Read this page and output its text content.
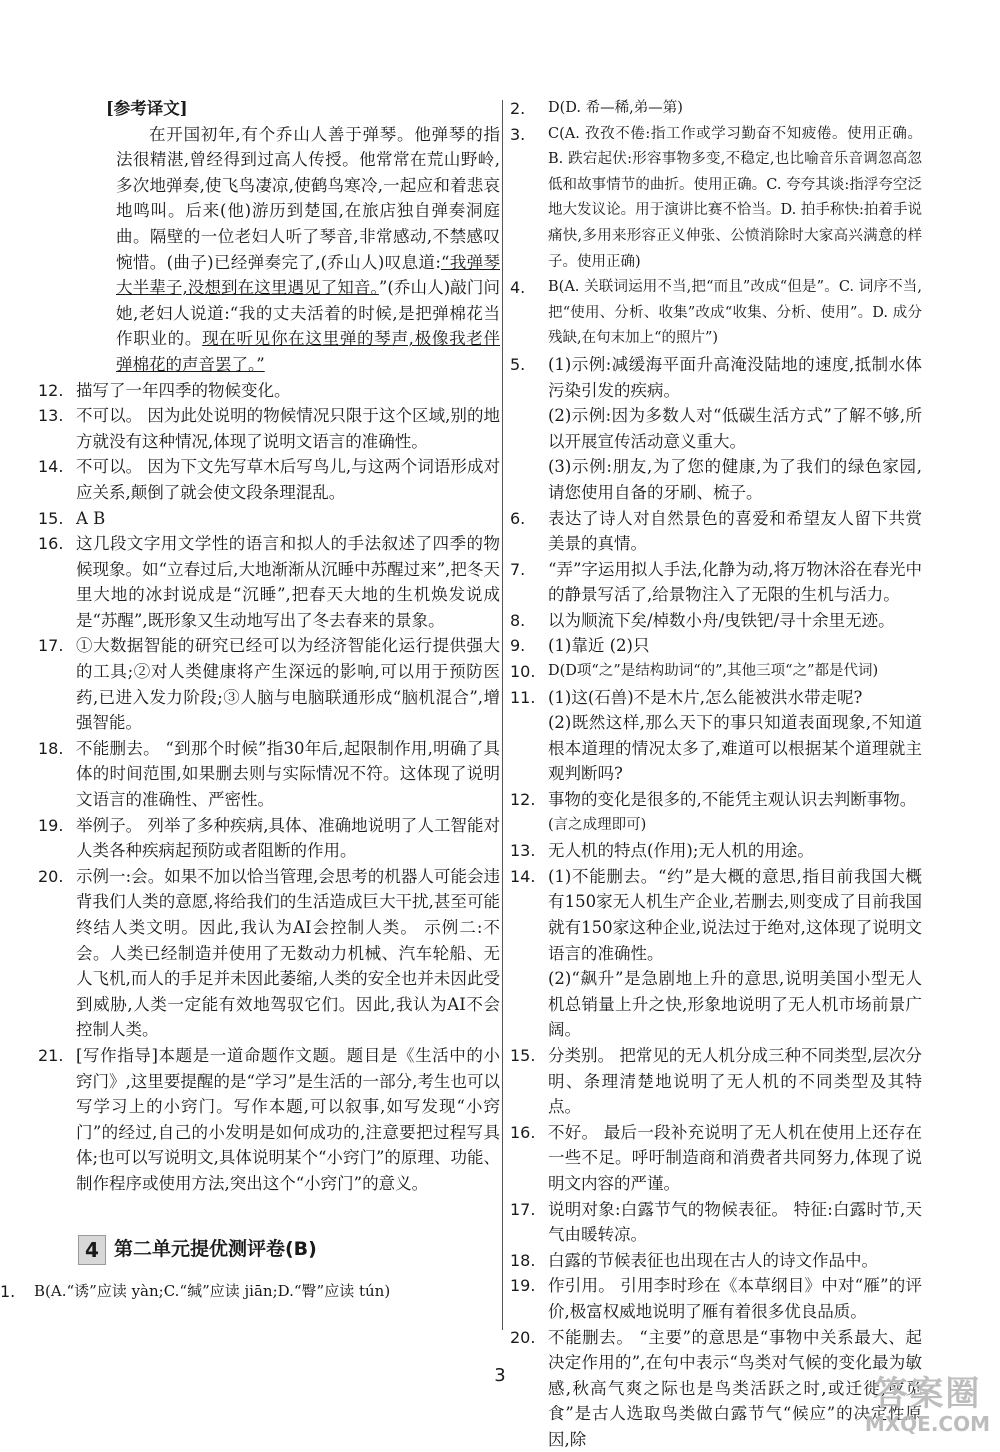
[参考译文]

在开国初年,有个乔山人善于弹琴。他弹琴的指法很精湛,曾经得到过高人传授。他常常在荒山野岭,多次地弹奏,使飞鸟凄凉,使鹤鸟寒冷,一起应和着悲哀地鸣叫。后来(他)游历到楚国,在旅店独自弹奏洞庭曲。隔壁的一位老妇人听了琴音,非常感动,不禁感叹惋惜。(曲子)已经弹奏完了,(乔山人)叹息道:“我弹琴大半辈子,没想到在这里遇见了知音。”(乔山人)敲门问她,老妇人说道:“我的丈夫活着的时候,是把弹棉花当作职业的。现在听见你在这里弹的琴声,极像我老伴弹棉花的声音罢了。”

12. 描写了一年四季的物候变化。
13. 不可以。 因为此处说明的物候情况只限于这个区域,别的地方就没有这种情况,体现了说明文语言的准确性。
14. 不可以。 因为下文先写草木后写鸟儿,与这两个词语形成对应关系,颠倒了就会使文段条理混乱。
15. A B
16. 这几段文字用文学性的语言和拟人的手法叙述了四季的物候现象。如“立春过后,大地渐渐从沉睡中苏醒过来”,把冬天里大地的冰封说成是“沉睡”,把春天大地的生机焕发说成是“苏醒”,既形象又生动地写出了冬去春来的景象。
17. ①大数据智能的研究已经可以为经济智能化运行提供强大的工具;②对人类健康将产生深远的影响,可以用于预防医药,已进入发力阶段;③人脑与电脑联通形成“脑机混合”,增强智能。
18. 不能删去。 “到那个时候”指30年后,起限制作用,明确了具体的时间范围,如果删去则与实际情况不符。这体现了说明文语言的准确性、严密性。
19. 举例子。 列举了多种疾病,具体、准确地说明了人工智能对人类各种疾病起预防或者阻断的作用。
20. 示例一:会。如果不加以恰当管理,会思考的机器人可能会违背我们人类的意愿,将给我们的生活造成巨大干扰,甚至可能终结人类文明。因此,我认为AI会控制人类。 示例二:不会。人类已经制造并使用了无数动力机械、汽车轮船、无人飞机,而人的手足并未因此萎缩,人类的安全也并未因此受到威胁,人类一定能有效地驾驭它们。因此,我认为AI不会控制人类。
21. [写作指导]本题是一道命题作文题。题目是《生活中的小窍门》,这里要提醒的是“学习”是生活的一部分,考生也可以写学习上的小窍门。写作本题,可以叙事,如写发现“小窍门”的经过,自己的小发明是如何成功的,注意要把过程写具体;也可以写说明文,具体说明某个“小窍门”的原理、功能、制作程序或使用方法,突出这个“小窍门”的意义。
4 第二单元提优测评卷(B)
1.	B(A.“诱”应读 yàn;C.“缄”应读 jiān;D.“臀”应读 tún)
2.	D(D. 希—稀,弟—第)
3.	C(A. 孜孜不倦:指工作或学习勤奋不知疲倦。使用正确。B. 跌宕起伏:形容事物多变,不稳定,也比喻音乐音调忽高忽低和故事情节的曲折。使用正确。C. 夸夸其谈:指浮夸空泛地大发议论。用于演讲比赛不恰当。D. 拍手称快:拍着手说痛快,多用来形容正义伸张、公愤消除时大家高兴满意的样子。使用正确)
4.	B(A. 关联词运用不当,把“而且”改成“但是”。C. 词序不当,把“使用、分析、收集”改成“收集、分析、使用”。D. 成分残缺,在句末加上“的照片”)
5.	(1)示例:减缓海平面升高淹没陆地的速度,抵制水体污染引发的疾病。
(2)示例:因为多数人对“低碳生活方式”了解不够,所以开展宣传活动意义重大。
(3)示例:朋友,为了您的健康,为了我们的绿色家园,请您使用自备的牙刷、梳子。
6.	表达了诗人对自然景色的喜爱和希望友人留下共赏美景的真情。
7.	“弄”字运用拟人手法,化静为动,将万物沐浴在春光中的静景写活了,给景物注入了无限的生机与活力。
8.	以为顺流下矣/棹数小舟/曳铁钯/寻十余里无迹。
9.	(1)靠近 (2)只
10. D(D项“之”是结构助词“的”,其他三项“之”都是代词)
11. (1)这(石兽)不是木片,怎么能被洪水带走呢?
(2)既然这样,那么天下的事只知道表面现象,不知道根本道理的情况太多了,难道可以根据某个道理就主观判断吗?
12. 事物的变化是很多的,不能凭主观认识去判断事物。
(言之成理即可)
13. 无人机的特点(作用);无人机的用途。
14. (1)不能删去。“约”是大概的意思,指目前我国大概有150家无人机生产企业,若删去,则变成了目前我国就有150家这种企业,说法过于绝对,这体现了说明文语言的准确性。
(2)“飙升”是急剧地上升的意思,说明美国小型无人机总销量上升之快,形象地说明了无人机市场前景广阔。
15. 分类别。 把常见的无人机分成三种不同类型,层次分明、条理清楚地说明了无人机的不同类型及其特点。
16. 不好。 最后一段补充说明了无人机在使用上还存在一些不足。呼吁制造商和消费者共同努力,体现了说明文内容的严谨。
17. 说明对象:白露节气的物候表征。 特征:白露时节,天气由暖转凉。
18. 白露的节候表征也出现在古人的诗文作品中。
19. 作引用。 引用李时珍在《本草纲目》中对“雁”的评价,极富权威地说明了雁有着很多优良品质。
20. 不能删去。 “主要”的意思是“事物中关系最大、起决定作用的”,在句中表示“鸟类对气候的变化最为敏感,秋高气爽之际也是鸟类活跃之时,或迁徙,或觅食”是古人选取鸟类做白露节气“候应”的决定性原因,除
3	答案圈
MXQE.COM
